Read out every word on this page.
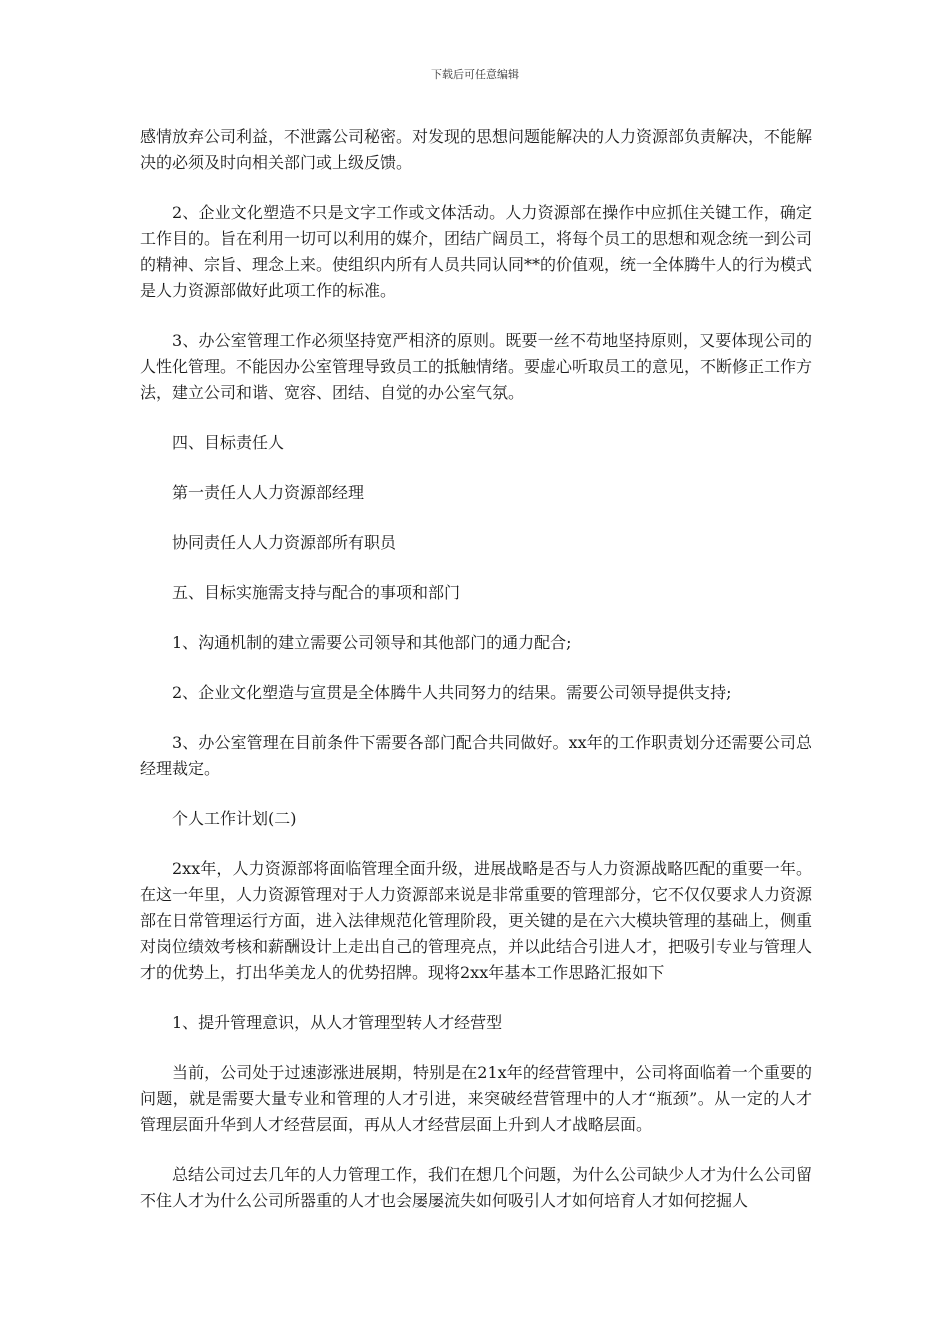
下载后可任意编辑

感情放弃公司利益，不泄露公司秘密。对发现的思想问题能解决的人力资源部负责解决，不能解决的必须及时向相关部门或上级反馈。

2、企业文化塑造不只是文字工作或文体活动。人力资源部在操作中应抓住关键工作，确定工作目的。旨在利用一切可以利用的媒介，团结广阔员工，将每个员工的思想和观念统一到公司的精神、宗旨、理念上来。使组织内所有人员共同认同**的价值观，统一全体腾牛人的行为模式是人力资源部做好此项工作的标准。

3、办公室管理工作必须坚持宽严相济的原则。既要一丝不苟地坚持原则，又要体现公司的人性化管理。不能因办公室管理导致员工的抵触情绪。要虚心听取员工的意见，不断修正工作方法，建立公司和谐、宽容、团结、自觉的办公室气氛。

四、目标责任人

第一责任人人力资源部经理

协同责任人人力资源部所有职员

五、目标实施需支持与配合的事项和部门

1、沟通机制的建立需要公司领导和其他部门的通力配合;

2、企业文化塑造与宣贯是全体腾牛人共同努力的结果。需要公司领导提供支持;

3、办公室管理在目前条件下需要各部门配合共同做好。xx年的工作职责划分还需要公司总经理裁定。

个人工作计划(二)

2xx年，人力资源部将面临管理全面升级，进展战略是否与人力资源战略匹配的重要一年。在这一年里，人力资源管理对于人力资源部来说是非常重要的管理部分，它不仅仅要求人力资源部在日常管理运行方面，进入法律规范化管理阶段，更关键的是在六大模块管理的基础上，侧重对岗位绩效考核和薪酬设计上走出自己的管理亮点，并以此结合引进人才，把吸引专业与管理人才的优势上，打出华美龙人的优势招牌。现将2xx年基本工作思路汇报如下

1、提升管理意识，从人才管理型转人才经营型

当前，公司处于过速澎涨进展期，特别是在21x年的经营管理中，公司将面临着一个重要的问题，就是需要大量专业和管理的人才引进，来突破经营管理中的人才“瓶颈”。从一定的人才管理层面升华到人才经营层面，再从人才经营层面上升到人才战略层面。

总结公司过去几年的人力管理工作，我们在想几个问题，为什么公司缺少人才为什么公司留不住人才为什么公司所器重的人才也会屡屡流失如何吸引人才如何培育人才如何挖掘人
